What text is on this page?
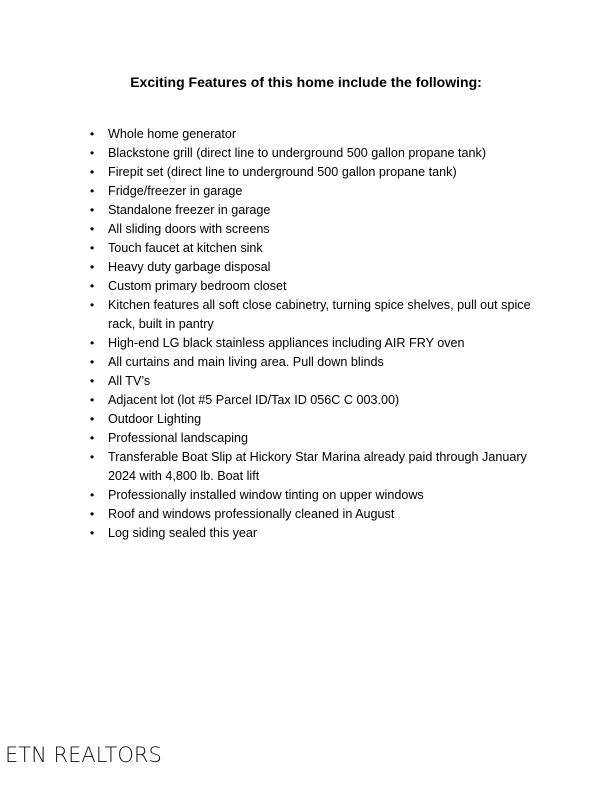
Exciting Features of this home include the following:
• Whole home generator
• Blackstone grill (direct line to underground 500 gallon propane tank)
• Firepit set (direct line to underground 500 gallon propane tank)
• Fridge/freezer in garage
• Standalone freezer in garage
• All sliding doors with screens
• Touch faucet at kitchen sink
• Heavy duty garbage disposal
• Custom primary bedroom closet
• Kitchen features all soft close cabinetry, turning spice shelves, pull out spice rack, built in pantry
• High-end LG black stainless appliances including AIR FRY oven
• All curtains and main living area. Pull down blinds
• All TV’s
• Adjacent lot (lot #5 Parcel ID/Tax ID 056C C 003.00)
• Outdoor Lighting
• Professional landscaping
• Transferable Boat Slip at Hickory Star Marina already paid through January 2024 with 4,800 lb. Boat lift
• Professionally installed window tinting on upper windows
• Roof and windows professionally cleaned in August
• Log siding sealed this year
ETN REALTORS
